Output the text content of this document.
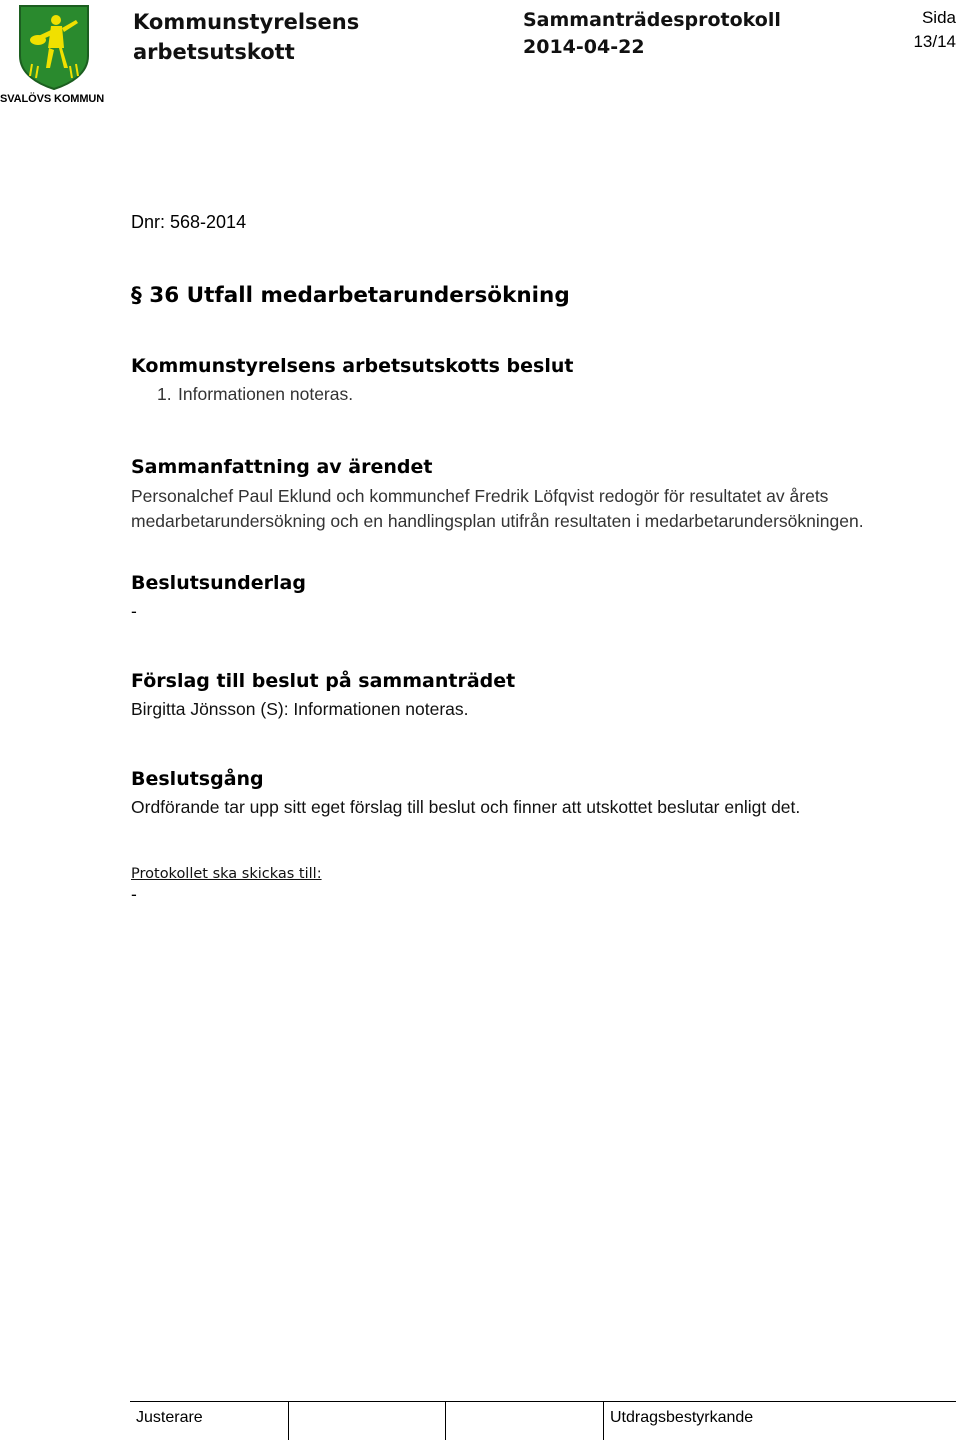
SVALÖVS KOMMUN
Kommunstyrelsens arbetsutskott
Sammanträdesprotokoll
2014-04-22
Sida
13/14
Dnr: 568-2014
§ 36 Utfall medarbetarundersökning
Kommunstyrelsens arbetsutskotts beslut
1. Informationen noteras.
Sammanfattning av ärendet
Personalchef Paul Eklund och kommunchef Fredrik Löfqvist redogör för resultatet av årets
medarbetarundersökning och en handlingsplan utifrån resultaten i medarbetarundersökningen.
Beslutsunderlag
-
Förslag till beslut på sammanträdet
Birgitta Jönsson (S): Informationen noteras.
Beslutsgång
Ordförande tar upp sitt eget förslag till beslut och finner att utskottet beslutar enligt det.
Protokollet ska skickas till:
-
Justerare	Utdragsbestyrkande
